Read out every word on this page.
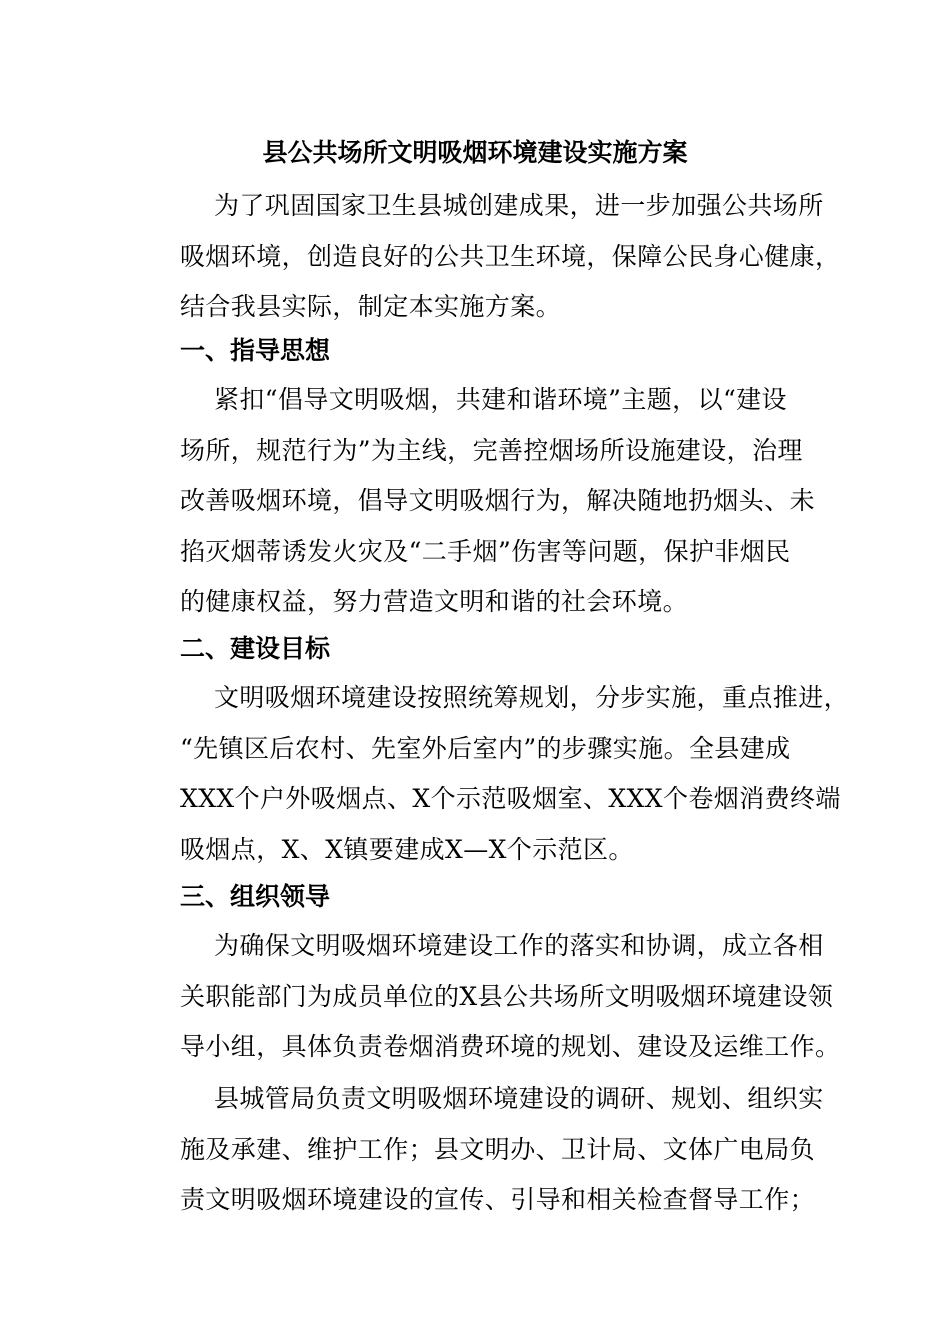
县公共场所文明吸烟环境建设实施方案

为了巩固国家卫生县城创建成果，进一步加强公共场所
吸烟环境，创造良好的公共卫生环境，保障公民身心健康，
结合我县实际，制定本实施方案。

一、指导思想

紧扣“倡导文明吸烟，共建和谐环境”主题，以“建设
场所，规范行为”为主线，完善控烟场所设施建设，治理
改善吸烟环境，倡导文明吸烟行为，解决随地扔烟头、未
掐灭烟蒂诱发火灾及“二手烟”伤害等问题，保护非烟民
的健康权益，努力营造文明和谐的社会环境。

二、建设目标

文明吸烟环境建设按照统筹规划，分步实施，重点推进，
“先镇区后农村、先室外后室内”的步骤实施。全县建成
XXX个户外吸烟点、X个示范吸烟室、XXX个卷烟消费终端
吸烟点，X、X镇要建成X—X个示范区。

三、组织领导

为确保文明吸烟环境建设工作的落实和协调，成立各相
关职能部门为成员单位的X县公共场所文明吸烟环境建设领
导小组，具体负责卷烟消费环境的规划、建设及运维工作。

县城管局负责文明吸烟环境建设的调研、规划、组织实
施及承建、维护工作；县文明办、卫计局、文体广电局负
责文明吸烟环境建设的宣传、引导和相关检查督导工作；
